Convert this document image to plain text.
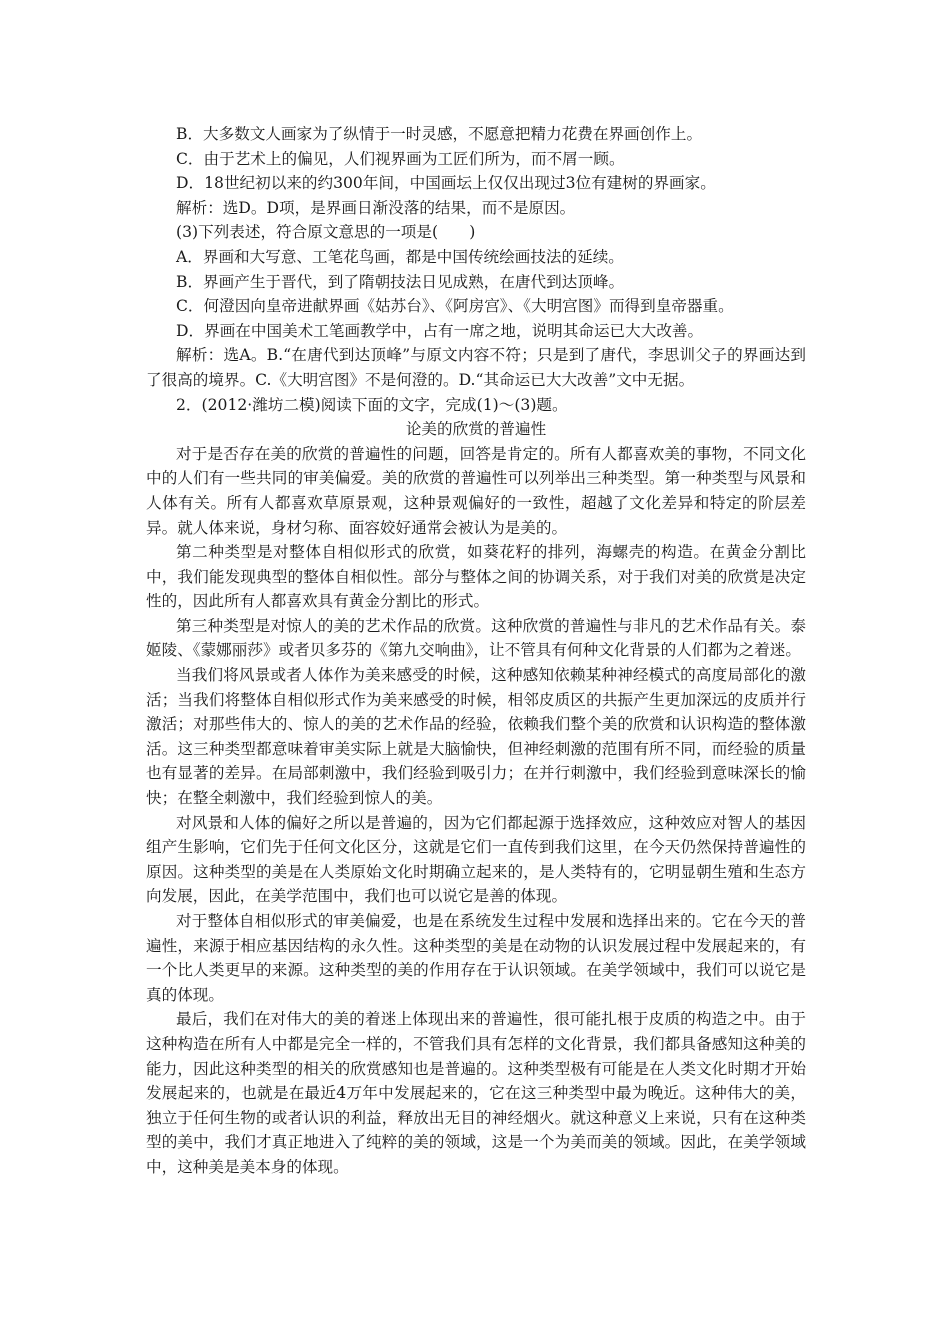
B．大多数文人画家为了纵情于一时灵感，不愿意把精力花费在界画创作上。

C．由于艺术上的偏见，人们视界画为工匠们所为，而不屑一顾。

D．18世纪初以来的约300年间，中国画坛上仅仅出现过3位有建树的界画家。

解析：选D。D项，是界画日渐没落的结果，而不是原因。

(3)下列表述，符合原文意思的一项是(　　)

A．界画和大写意、工笔花鸟画，都是中国传统绘画技法的延续。

B．界画产生于晋代，到了隋朝技法日见成熟，在唐代到达顶峰。

C．何澄因向皇帝进献界画《姑苏台》、《阿房宫》、《大明宫图》而得到皇帝器重。

D．界画在中国美术工笔画教学中，占有一席之地，说明其命运已大大改善。

解析：选A。B.“在唐代到达顶峰”与原文内容不符；只是到了唐代，李思训父子的界画达到了很高的境界。C.《大明宫图》不是何澄的。D.“其命运已大大改善”文中无据。

2．(2012·潍坊二模)阅读下面的文字，完成(1)～(3)题。

论美的欣赏的普遍性

对于是否存在美的欣赏的普遍性的问题，回答是肯定的。所有人都喜欢美的事物，不同文化中的人们有一些共同的审美偏爱。美的欣赏的普遍性可以列举出三种类型。第一种类型与风景和人体有关。所有人都喜欢草原景观，这种景观偏好的一致性，超越了文化差异和特定的阶层差异。就人体来说，身材匀称、面容姣好通常会被认为是美的。

第二种类型是对整体自相似形式的欣赏，如葵花籽的排列，海螺壳的构造。在黄金分割比中，我们能发现典型的整体自相似性。部分与整体之间的协调关系，对于我们对美的欣赏是决定性的，因此所有人都喜欢具有黄金分割比的形式。

第三种类型是对惊人的美的艺术作品的欣赏。这种欣赏的普遍性与非凡的艺术作品有关。泰姬陵、《蒙娜丽莎》或者贝多芬的《第九交响曲》，让不管具有何种文化背景的人们都为之着迷。

当我们将风景或者人体作为美来感受的时候，这种感知依赖某种神经模式的高度局部化的激活；当我们将整体自相似形式作为美来感受的时候，相邻皮质区的共振产生更加深远的皮质并行激活；对那些伟大的、惊人的美的艺术作品的经验，依赖我们整个美的欣赏和认识构造的整体激活。这三种类型都意味着审美实际上就是大脑愉快，但神经刺激的范围有所不同，而经验的质量也有显著的差异。在局部刺激中，我们经验到吸引力；在并行刺激中，我们经验到意味深长的愉快；在整全刺激中，我们经验到惊人的美。

对风景和人体的偏好之所以是普遍的，因为它们都起源于选择效应，这种效应对智人的基因组产生影响，它们先于任何文化区分，这就是它们一直传到我们这里，在今天仍然保持普遍性的原因。这种类型的美是在人类原始文化时期确立起来的，是人类特有的，它明显朝生殖和生态方向发展，因此，在美学范围中，我们也可以说它是善的体现。

对于整体自相似形式的审美偏爱，也是在系统发生过程中发展和选择出来的。它在今天的普遍性，来源于相应基因结构的永久性。这种类型的美是在动物的认识发展过程中发展起来的，有一个比人类更早的来源。这种类型的美的作用存在于认识领域。在美学领域中，我们可以说它是真的体现。

最后，我们在对伟大的美的着迷上体现出来的普遍性，很可能扎根于皮质的构造之中。由于这种构造在所有人中都是完全一样的，不管我们具有怎样的文化背景，我们都具备感知这种美的能力，因此这种类型的相关的欣赏感知也是普遍的。这种类型极有可能是在人类文化时期才开始发展起来的，也就是在最近4万年中发展起来的，它在这三种类型中最为晚近。这种伟大的美，独立于任何生物的或者认识的利益，释放出无目的神经烟火。就这种意义上来说，只有在这种类型的美中，我们才真正地进入了纯粹的美的领域，这是一个为美而美的领域。因此，在美学领域中，这种美是美本身的体现。
